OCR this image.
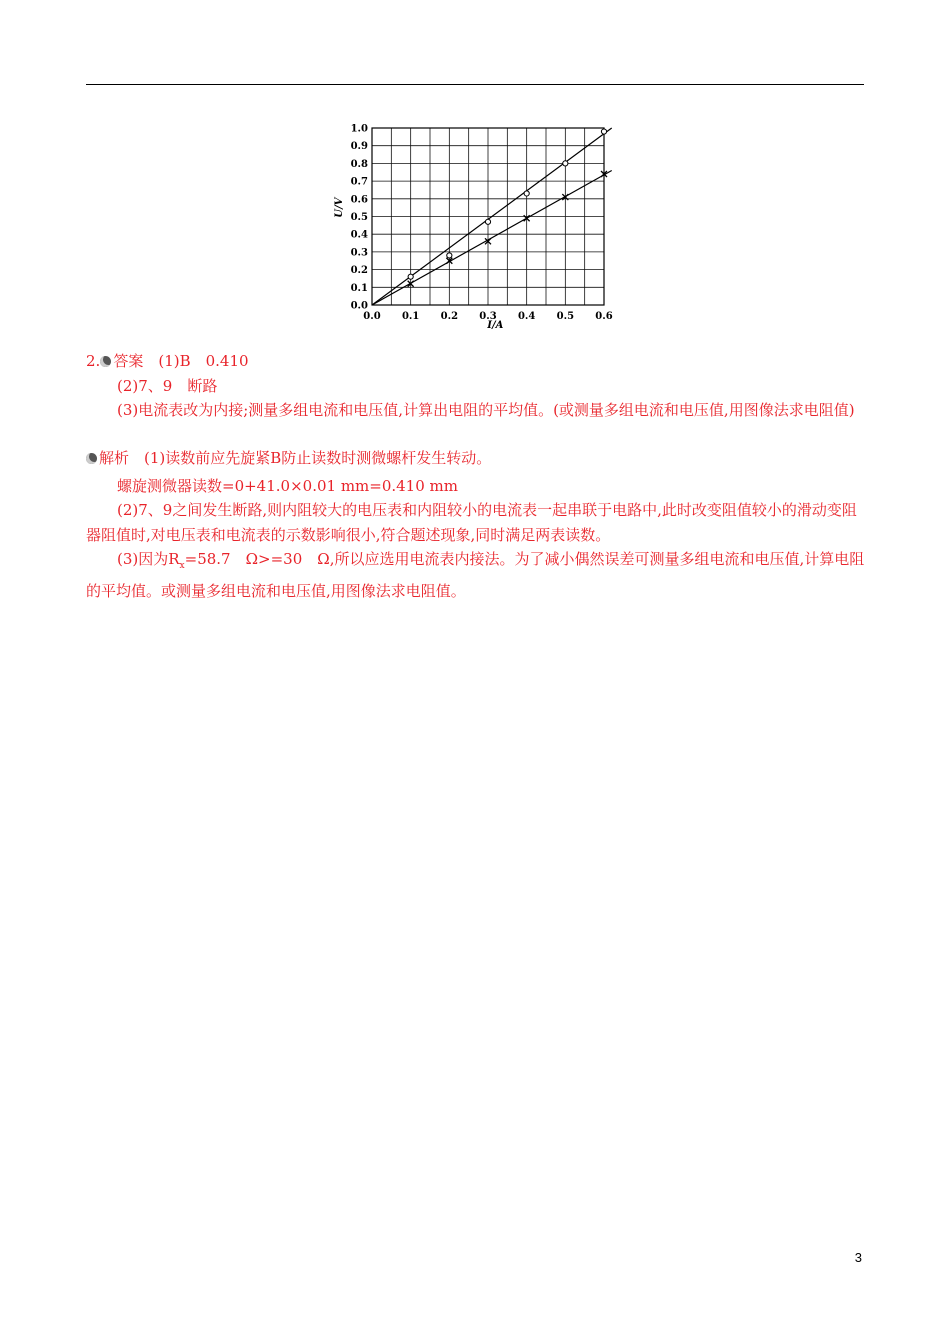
0.0 0.1 0.2 0.3 0.4 0.5 0.6
0.0
0.1
0.2
0.3
0.4
0.5
0.6
0.7
0.8
0.9
1.0
I/A
U/V
2. 答案　 (1)B　0.410
(2)7、9　断路
(3)电流表改为内接;测量多组电流和电压值,计算出电阻的平均值。(或测量多组电流和电压值,用图像法求电阻值)
解析　 (1)读数前应先旋紧B防止读数时测微螺杆发生转动。
螺旋测微器读数=0+41.0×0.01 mm=0.410 mm
(2)7、9之间发生断路,则内阻较大的电压表和内阻较小的电流表一起串联于电路中,此时改变阻值较小的滑动变阻器阻值时,对电压表和电流表的示数影响很小,符合题述现象,同时满足两表读数。
(3)因为$R_x=58.7$　Ω>=30　Ω,所以应选用电流表内接法。为了减小偶然误差可测量多组电流和电压值,计算电阻的平均值。或测量多组电流和电压值,用图像法求电阻值。
3
